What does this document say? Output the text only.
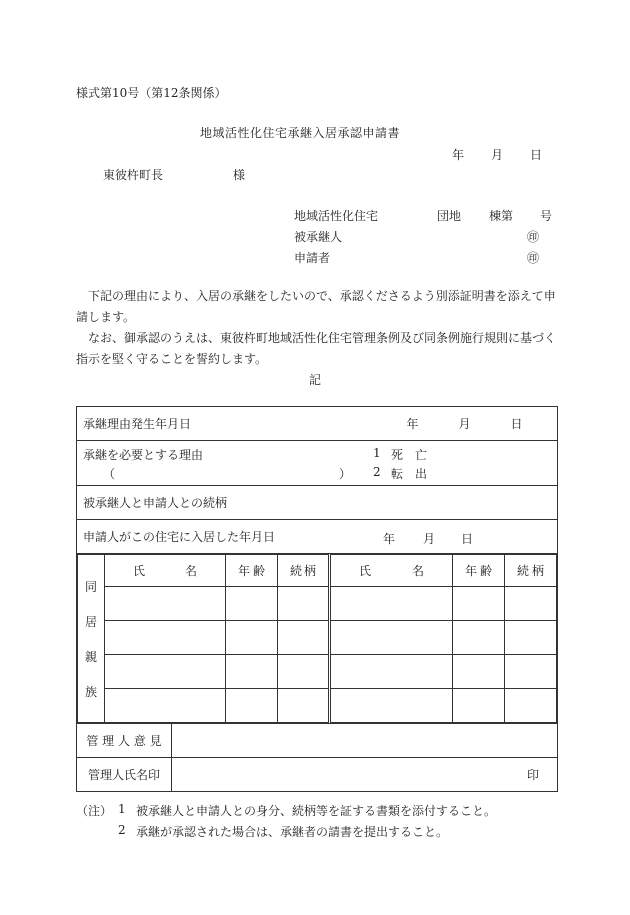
様式第10号（第12条関係）
地域活性化住宅承継入居承認申請書
年 月 日
東彼杵町長	様
地域活性化住宅	団地 棟第 号
被承継人	㊞
申請者	㊞
下記の理由により、入居の承継をしたいので、承認くださるよう別添証明書を添えて申請します。
なお、御承認のうえは、東彼杵町地域活性化住宅管理条例及び同条例施行規則に基づく指示を堅く守ることを誓約します。
記
承継理由発生年月日	年	月	日

承継を必要とする理由
（	）
1 死　亡
2 転　出

被承継人と申請人との続柄
申請人がこの住宅に入居した年月日	年 月 日

同
居
親
族

氏	名	年 齢	続 柄	氏	名	年 齢	続 柄

管 理 人 意 見	
管理人氏名印	印
（注） 1 被承継人と申請人との身分、続柄等を証する書類を添付すること。
2 承継が承認された場合は、承継者の請書を提出すること。
